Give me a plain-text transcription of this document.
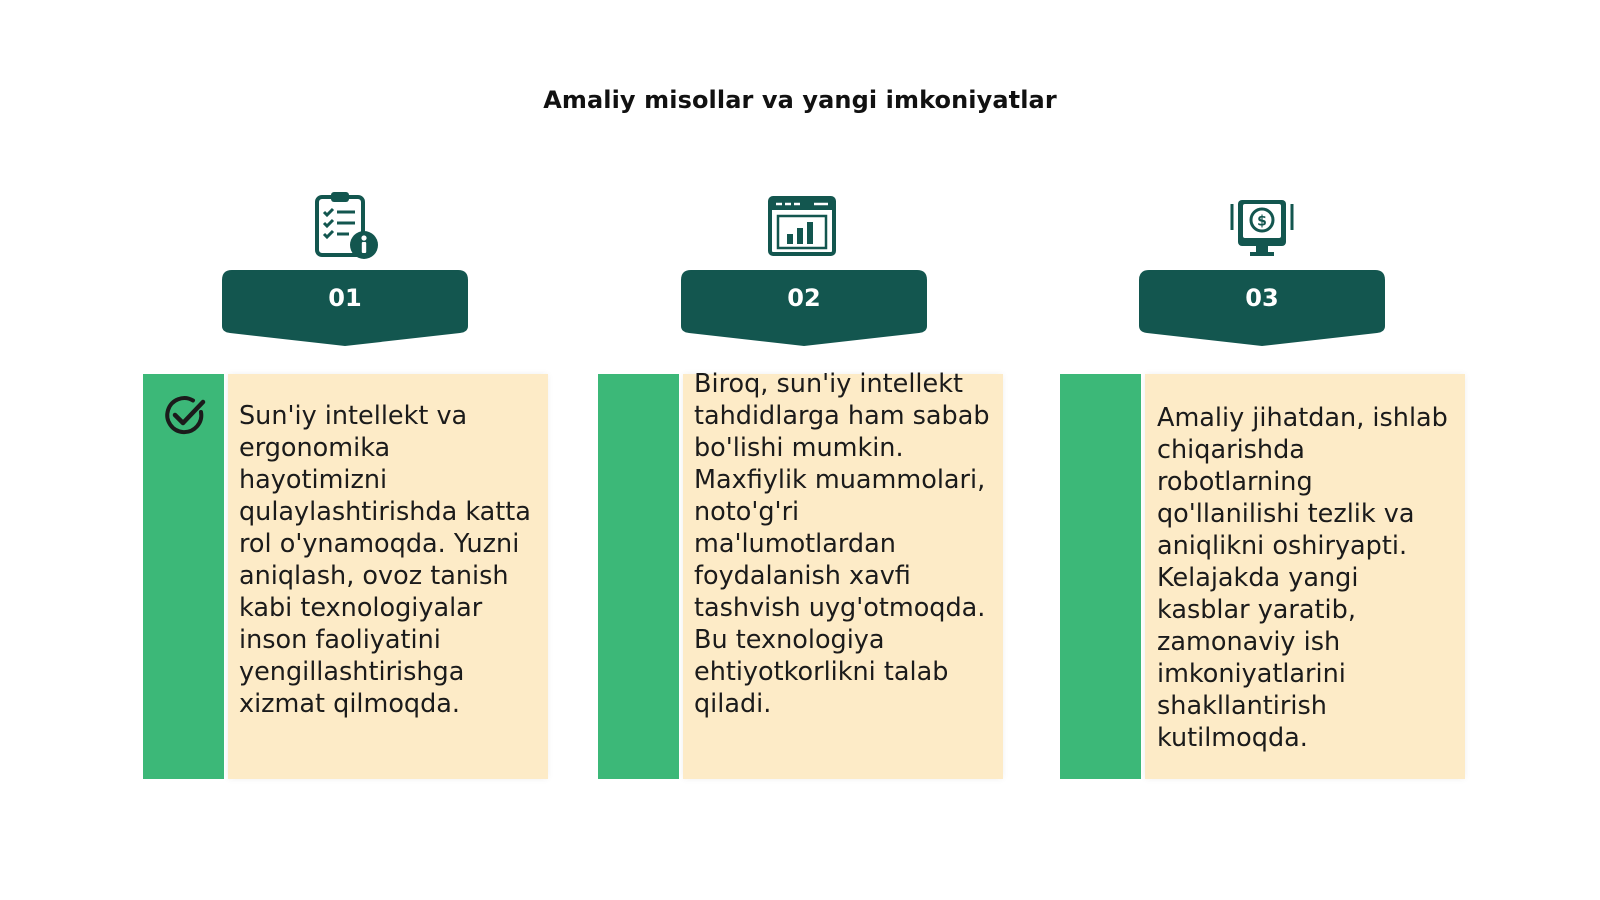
Amaliy misollar va yangi imkoniyatlar
01
Sun'iy intellekt va ergonomika hayotimizni qulaylashtirishda katta rol o'ynamoqda. Yuzni aniqlash, ovoz tanish kabi texnologiyalar inson faoliyatini yengillashtirishga xizmat qilmoqda.
02
Biroq, sun'iy intellekt tahdidlarga ham sabab bo'lishi mumkin. Maxfiylik muammolari, noto'g'ri ma'lumotlardan foydalanish xavfi tashvish uyg'otmoqda. Bu texnologiya ehtiyotkorlikni talab qiladi.
$
03
Amaliy jihatdan, ishlab chiqarishda robotlarning qo'llanilishi tezlik va aniqlikni oshiryapti. Kelajakda yangi kasblar yaratib, zamonaviy ish imkoniyatlarini shakllantirish kutilmoqda.
